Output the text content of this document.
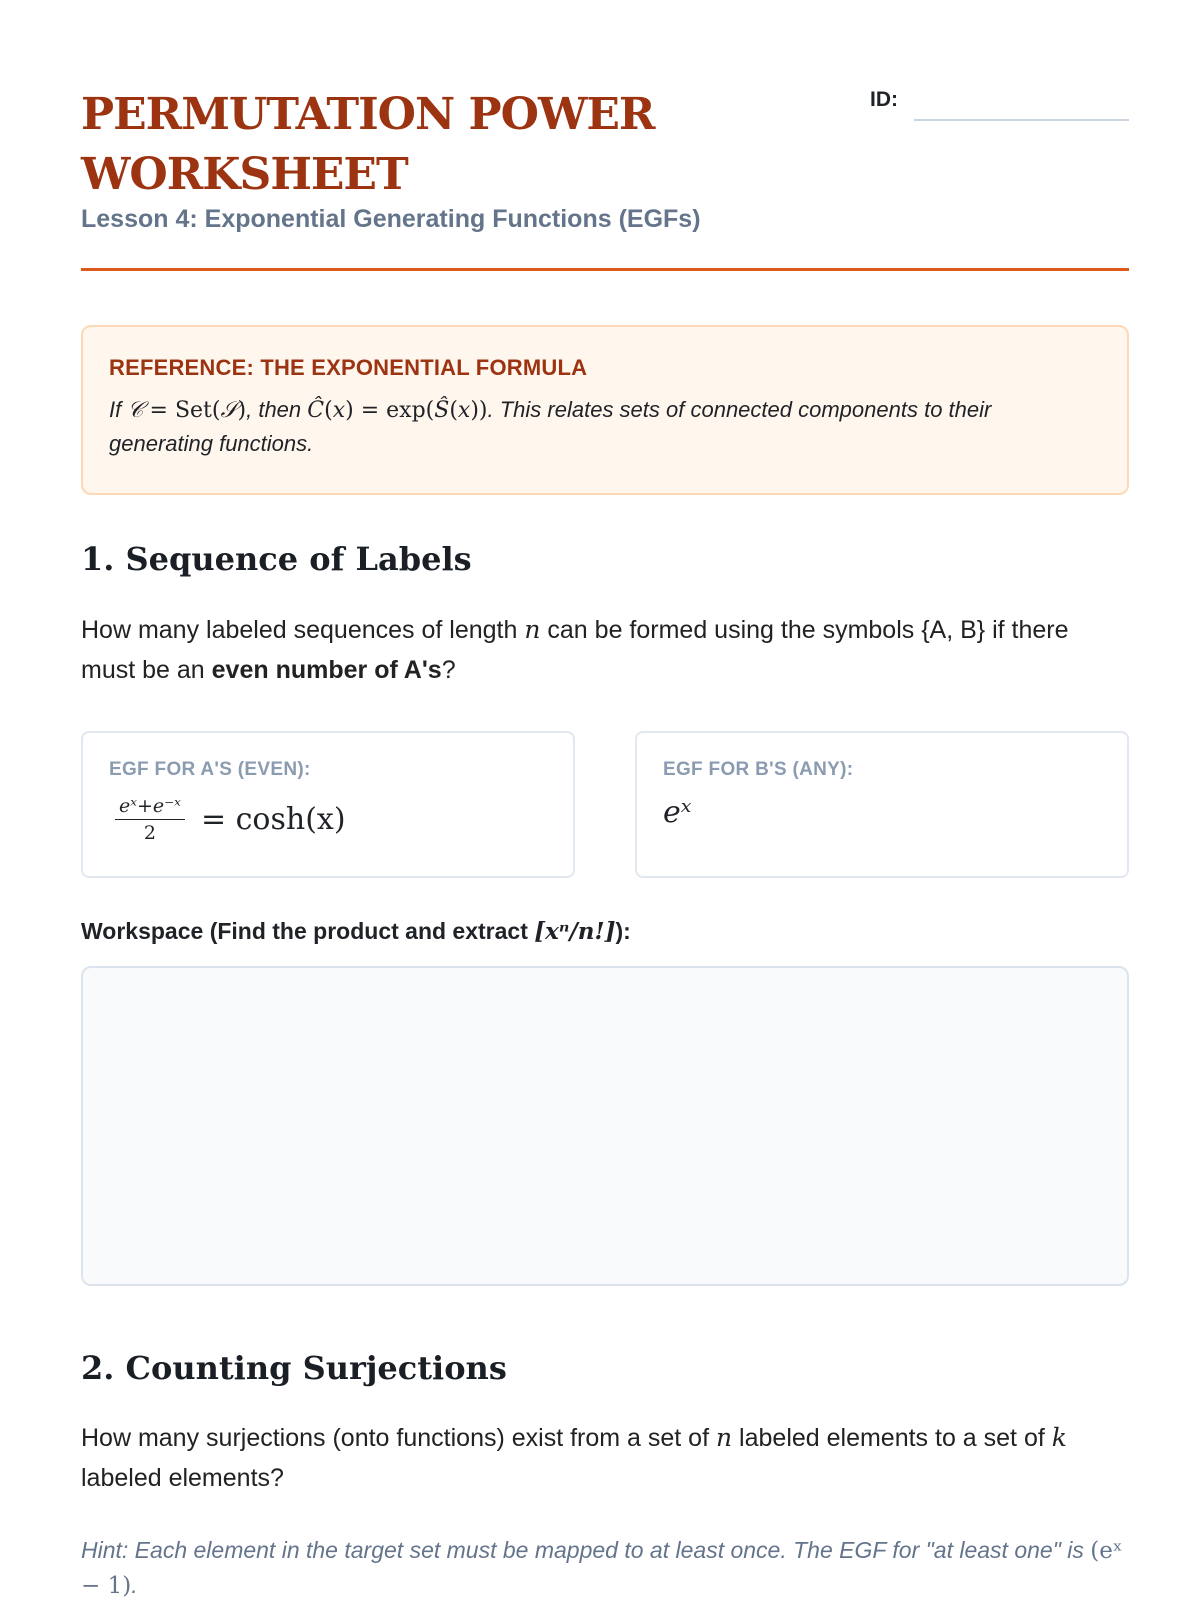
PERMUTATION POWER WORKSHEET
Lesson 4: Exponential Generating Functions (EGFs)
ID:
REFERENCE: THE EXPONENTIAL FORMULA
If 𝒞 = Set(𝒮), then Ĉ(x) = exp(Ŝ(x)). This relates sets of connected components to their generating functions.
1. Sequence of Labels
How many labeled sequences of length n can be formed using the symbols {A, B} if there must be an even number of A's?
EGF FOR A'S (EVEN):
$\frac{\text{eˣ+e⁻ˣ}}{2} = \cosh(x)$
EGF FOR B'S (ANY):
eˣ
Workspace (Find the product and extract [xⁿ/n!]):
2. Counting Surjections
How many surjections (onto functions) exist from a set of n labeled elements to a set of k labeled elements?
Hint: Each element in the target set must be mapped to at least once. The EGF for "at least one" is (eˣ − 1).
